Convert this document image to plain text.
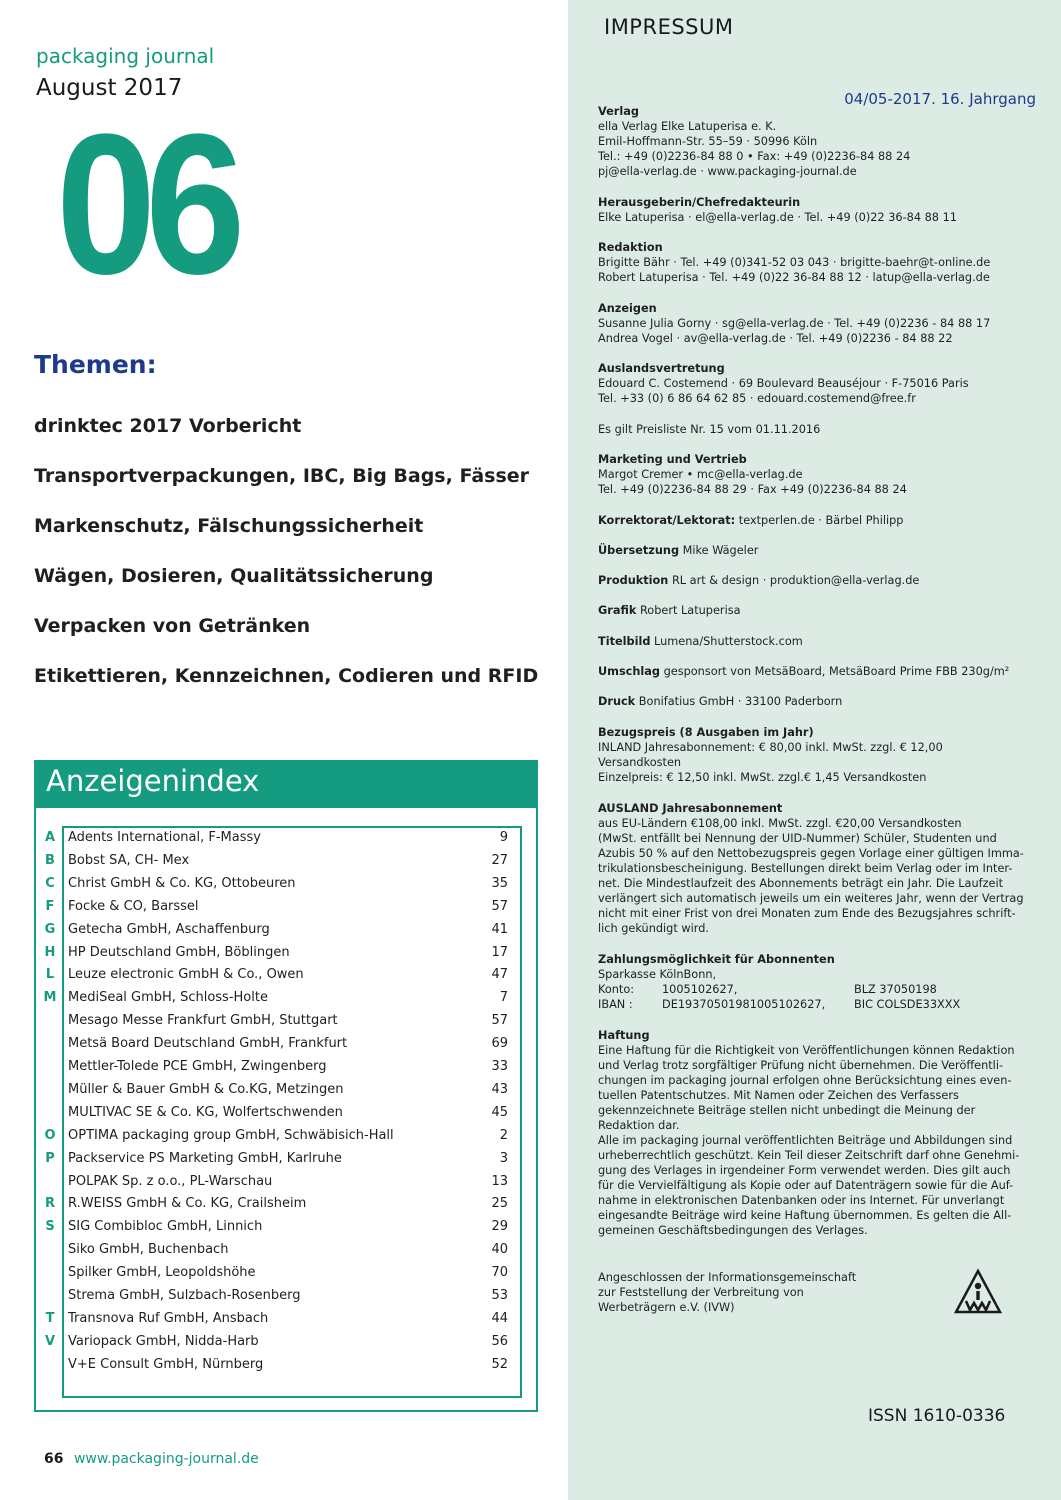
packaging journal
August 2017
06
Themen:
drinktec 2017 Vorbericht
Transportverpackungen, IBC, Big Bags, Fässer
Markenschutz, Fälschungssicherheit
Wägen, Dosieren, Qualitätssicherung
Verpacken von Getränken
Etikettieren, Kennzeichnen, Codieren und RFID
Anzeigenindex
A Adents International, F-Massy	9
B Bobst SA, CH- Mex	27
C Christ GmbH & Co. KG, Ottobeuren	35
F Focke & CO, Barssel	57
G Getecha GmbH, Aschaffenburg	41
H HP Deutschland GmbH, Böblingen	17
L Leuze electronic GmbH & Co., Owen	47
M MediSeal GmbH, Schloss-Holte	7
Mesago Messe Frankfurt GmbH, Stuttgart	57
Metsä Board Deutschland GmbH, Frankfurt	69
Mettler-Tolede PCE GmbH, Zwingenberg	33
Müller & Bauer GmbH & Co.KG, Metzingen	43
MULTIVAC SE & Co. KG, Wolfertschwenden	45
O OPTIMA packaging group GmbH, Schwäbisich-Hall	2
P Packservice PS Marketing GmbH, Karlruhe	3
POLPAK Sp. z o.o., PL-Warschau	13
R R.WEISS GmbH & Co. KG, Crailsheim	25
S SIG Combibloc GmbH, Linnich	29
Siko GmbH, Buchenbach	40
Spilker GmbH, Leopoldshöhe	70
Strema GmbH, Sulzbach-Rosenberg	53
T Transnova Ruf GmbH, Ansbach	44
V Variopack GmbH, Nidda-Harb	56
V+E Consult GmbH, Nürnberg	52
66 www.packaging-journal.de
IMPRESSUM
04/05-2017. 16. Jahrgang
Verlag
ella Verlag Elke Latuperisa e. K.
Emil-Hoffmann-Str. 55–59 · 50996 Köln
Tel.: +49 (0)2236-84 88 0 • Fax: +49 (0)2236-84 88 24
pj@ella-verlag.de · www.packaging-journal.de
Herausgeberin/Chefredakteurin
Elke Latuperisa · el@ella-verlag.de · Tel. +49 (0)22 36-84 88 11
Redaktion
Brigitte Bähr · Tel. +49 (0)341-52 03 043 · brigitte-baehr@t-online.de
Robert Latuperisa · Tel. +49 (0)22 36-84 88 12 · latup@ella-verlag.de
Anzeigen
Susanne Julia Gorny · sg@ella-verlag.de · Tel. +49 (0)2236 - 84 88 17
Andrea Vogel · av@ella-verlag.de · Tel. +49 (0)2236 - 84 88 22
Auslandsvertretung
Edouard C. Costemend · 69 Boulevard Beauséjour · F-75016 Paris
Tel. +33 (0) 6 86 64 62 85 · edouard.costemend@free.fr
Es gilt Preisliste Nr. 15 vom 01.11.2016
Marketing und Vertrieb
Margot Cremer • mc@ella-verlag.de
Tel. +49 (0)2236-84 88 29 · Fax +49 (0)2236-84 88 24
Korrektorat/Lektorat: textperlen.de · Bärbel Philipp
Übersetzung Mike Wägeler
Produktion RL art & design · produktion@ella-verlag.de
Grafik Robert Latuperisa
Titelbild Lumena/Shutterstock.com
Umschlag gesponsort von MetsäBoard, MetsäBoard Prime FBB 230g/m²
Druck Bonifatius GmbH · 33100 Paderborn
Bezugspreis (8 Ausgaben im Jahr)
INLAND Jahresabonnement: € 80,00 inkl. MwSt. zzgl. € 12,00
Versandkosten
Einzelpreis: € 12,50 inkl. MwSt. zzgl.€ 1,45 Versandkosten
AUSLAND Jahresabonnement
aus EU-Ländern €108,00 inkl. MwSt. zzgl. €20,00 Versandkosten
(MwSt. entfällt bei Nennung der UID-Nummer) Schüler, Studenten und
Azubis 50 % auf den Nettobezugspreis gegen Vorlage einer gültigen Imma-
trikulationsbescheinigung. Bestellungen direkt beim Verlag oder im Inter-
net. Die Mindestlaufzeit des Abonnements beträgt ein Jahr. Die Laufzeit
verlängert sich automatisch jeweils um ein weiteres Jahr, wenn der Vertrag
nicht mit einer Frist von drei Monaten zum Ende des Bezugsjahres schrift-
lich gekündigt wird.
Zahlungsmöglichkeit für Abonnenten
Sparkasse KölnBonn,
Konto: 1005102627,	BLZ 37050198
IBAN :	DE19370501981005102627,	BIC COLSDE33XXX
Haftung
Eine Haftung für die Richtigkeit von Veröffentlichungen können Redaktion
und Verlag trotz sorgfältiger Prüfung nicht übernehmen. Die Veröffentli-
chungen im packaging journal erfolgen ohne Berücksichtung eines even-
tuellen Patentschutzes. Mit Namen oder Zeichen des Verfassers
gekennzeichnete Beiträge stellen nicht unbedingt die Meinung der
Redaktion dar.
Alle im packaging journal veröffentlichten Beiträge und Abbildungen sind
urheberrechtlich geschützt. Kein Teil dieser Zeitschrift darf ohne Genehmi-
gung des Verlages in irgendeiner Form verwendet werden. Dies gilt auch
für die Vervielfältigung als Kopie oder auf Datenträgern sowie für die Auf-
nahme in elektronischen Datenbanken oder ins Internet. Für unverlangt
eingesandte Beiträge wird keine Haftung übernommen. Es gelten die All-
gemeinen Geschäftsbedingungen des Verlages.
Angeschlossen der Informationsgemeinschaft
zur Feststellung der Verbreitung von
Werbeträgern e.V. (IVW)
ISSN 1610-0336
